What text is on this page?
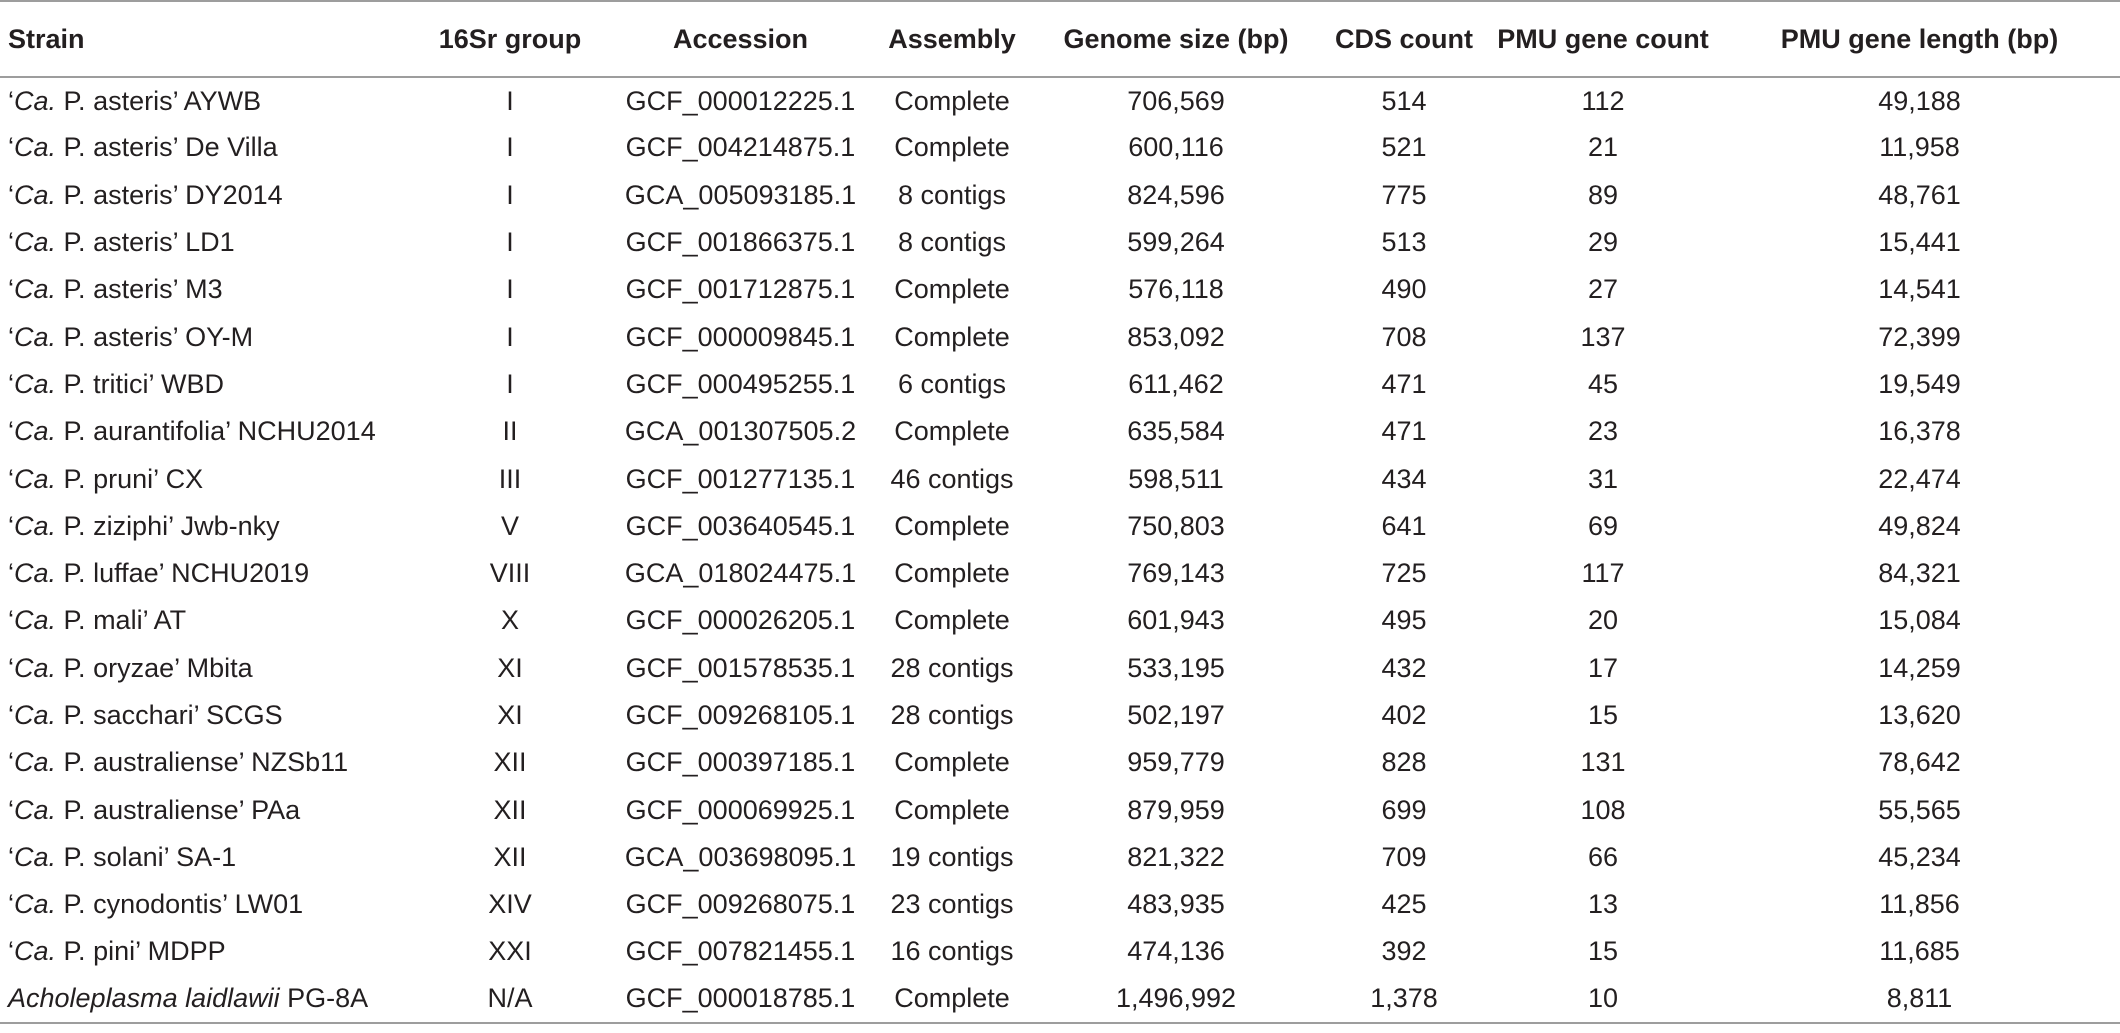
Strain	16Sr group	Accession	Assembly	Genome size (bp)	CDS count	PMU gene count	PMU gene length (bp)
‘Ca. P. asteris’ AYWB	I	GCF_000012225.1	Complete	706,569	514	112	49,188
‘Ca. P. asteris’ De Villa	I	GCF_004214875.1	Complete	600,116	521	21	11,958
‘Ca. P. asteris’ DY2014	I	GCA_005093185.1	8 contigs	824,596	775	89	48,761
‘Ca. P. asteris’ LD1	I	GCF_001866375.1	8 contigs	599,264	513	29	15,441
‘Ca. P. asteris’ M3	I	GCF_001712875.1	Complete	576,118	490	27	14,541
‘Ca. P. asteris’ OY-M	I	GCF_000009845.1	Complete	853,092	708	137	72,399
‘Ca. P. tritici’ WBD	I	GCF_000495255.1	6 contigs	611,462	471	45	19,549
‘Ca. P. aurantifolia’ NCHU2014	II	GCA_001307505.2	Complete	635,584	471	23	16,378
‘Ca. P. pruni’ CX	III	GCF_001277135.1	46 contigs	598,511	434	31	22,474
‘Ca. P. ziziphi’ Jwb-nky	V	GCF_003640545.1	Complete	750,803	641	69	49,824
‘Ca. P. luffae’ NCHU2019	VIII	GCA_018024475.1	Complete	769,143	725	117	84,321
‘Ca. P. mali’ AT	X	GCF_000026205.1	Complete	601,943	495	20	15,084
‘Ca. P. oryzae’ Mbita	XI	GCF_001578535.1	28 contigs	533,195	432	17	14,259
‘Ca. P. sacchari’ SCGS	XI	GCF_009268105.1	28 contigs	502,197	402	15	13,620
‘Ca. P. australiense’ NZSb11	XII	GCF_000397185.1	Complete	959,779	828	131	78,642
‘Ca. P. australiense’ PAa	XII	GCF_000069925.1	Complete	879,959	699	108	55,565
‘Ca. P. solani’ SA-1	XII	GCA_003698095.1	19 contigs	821,322	709	66	45,234
‘Ca. P. cynodontis’ LW01	XIV	GCF_009268075.1	23 contigs	483,935	425	13	11,856
‘Ca. P. pini’ MDPP	XXI	GCF_007821455.1	16 contigs	474,136	392	15	11,685
Acholeplasma laidlawii PG-8A	N/A	GCF_000018785.1	Complete	1,496,992	1,378	10	8,811
